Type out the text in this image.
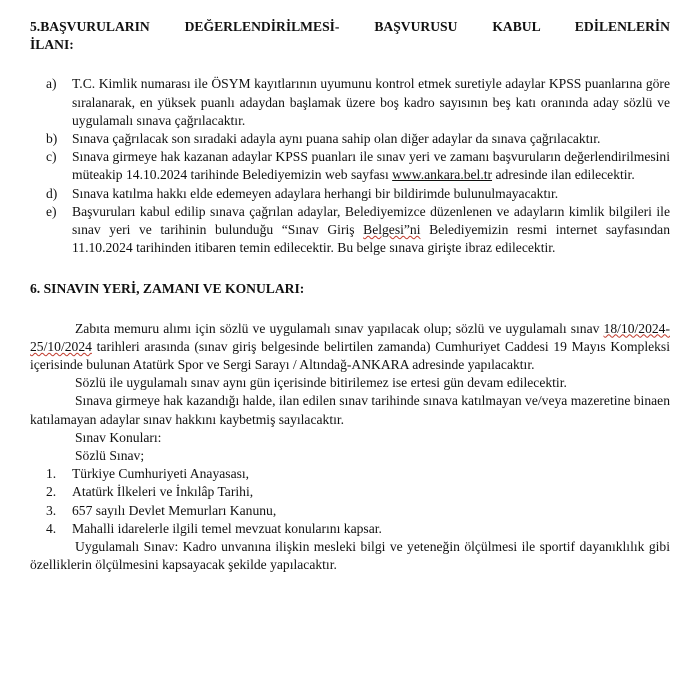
5.BAŞVURULARIN DEĞERLENDİRİLMESİ- BAŞVURUSU KABUL EDİLENLERİN
İLANI:
a) T.C. Kimlik numarası ile ÖSYM kayıtlarının uyumunu kontrol etmek suretiyle adaylar KPSS puanlarına göre sıralanarak, en yüksek puanlı adaydan başlamak üzere boş kadro sayısının beş katı oranında aday sözlü ve uygulamalı sınava çağrılacaktır.
b) Sınava çağrılacak son sıradaki adayla aynı puana sahip olan diğer adaylar da sınava çağrılacaktır.
c) Sınava girmeye hak kazanan adaylar KPSS puanları ile sınav yeri ve zamanı başvuruların değerlendirilmesini müteakip 14.10.2024 tarihinde Belediyemizin web sayfası www.ankara.bel.tr adresinde ilan edilecektir.
d) Sınava katılma hakkı elde edemeyen adaylara herhangi bir bildirimde bulunulmayacaktır.
e) Başvuruları kabul edilip sınava çağrılan adaylar, Belediyemizce düzenlenen ve adayların kimlik bilgileri ile sınav yeri ve tarihinin bulunduğu “Sınav Giriş Belgesi”ni Belediyemizin resmi internet sayfasından 11.10.2024 tarihinden itibaren temin edilecektir. Bu belge sınava girişte ibraz edilecektir.
6. SINAVIN YERİ, ZAMANI VE KONULARI:

Zabıta memuru alımı için sözlü ve uygulamalı sınav yapılacak olup; sözlü ve uygulamalı sınav 18/10/2024-25/10/2024 tarihleri arasında (sınav giriş belgesinde belirtilen zamanda) Cumhuriyet Caddesi 19 Mayıs Kompleksi içerisinde bulunan Atatürk Spor ve Sergi Sarayı / Altındağ-ANKARA adresinde yapılacaktır.

Sözlü ile uygulamalı sınav aynı gün içerisinde bitirilemez ise ertesi gün devam edilecektir.

Sınava girmeye hak kazandığı halde, ilan edilen sınav tarihinde sınava katılmayan ve/veya mazeretine binaen katılamayan adaylar sınav hakkını kaybetmiş sayılacaktır.

Sınav Konuları:

Sözlü Sınav;

1. Türkiye Cumhuriyeti Anayasası,
2. Atatürk İlkeleri ve İnkılâp Tarihi,
3. 657 sayılı Devlet Memurları Kanunu,
4. Mahalli idarelerle ilgili temel mevzuat konularını kapsar.

Uygulamalı Sınav: Kadro unvanına ilişkin mesleki bilgi ve yeteneğin ölçülmesi ile sportif dayanıklılık gibi özelliklerin ölçülmesini kapsayacak şekilde yapılacaktır.
